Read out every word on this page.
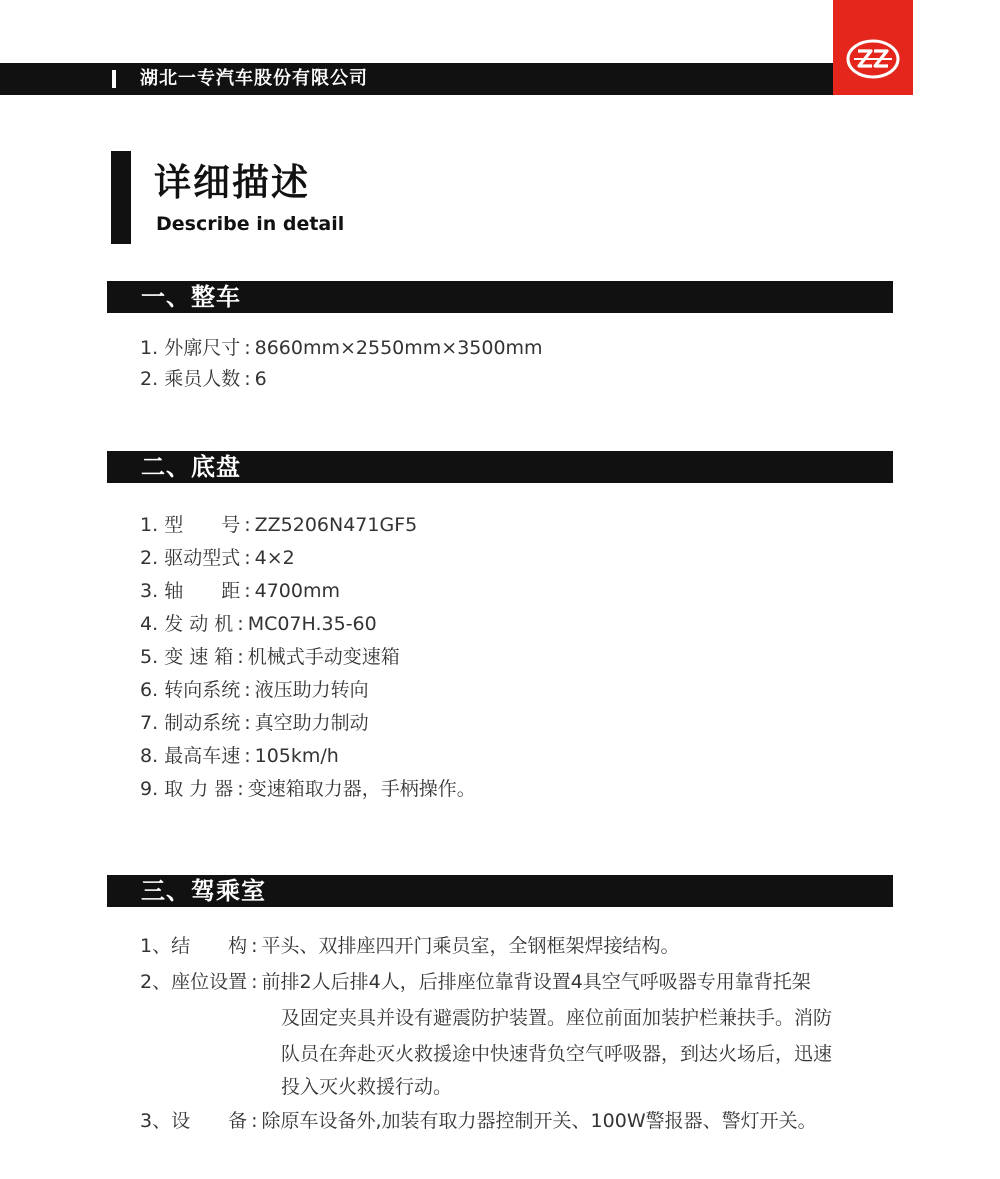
湖北一专汽车股份有限公司
详细描述
Describe in detail
一、整车
1. 外廓尺寸 : 8660mm×2550mm×3500mm
2. 乘员人数 : 6
二、底盘
1. 型　　号 : ZZ5206N471GF5
2. 驱动型式 : 4×2
3. 轴　　距 : 4700mm
4. 发 动 机 : MC07H.35-60
5. 变 速 箱 : 机械式手动变速箱
6. 转向系统 : 液压助力转向
7. 制动系统 : 真空助力制动
8. 最高车速 : 105km/h
9. 取 力 器 : 变速箱取力器，手柄操作。
三、驾乘室
1、结　　构 : 平头、双排座四开门乘员室，全钢框架焊接结构。
2、座位设置 : 前排2人后排4人，后排座位靠背设置4具空气呼吸器专用靠背托架
及固定夹具并设有避震防护装置。座位前面加装护栏兼扶手。消防
队员在奔赴灭火救援途中快速背负空气呼吸器，到达火场后，迅速
投入灭火救援行动。
3、设　　备 : 除原车设备外,加装有取力器控制开关、100W警报器、警灯开关。
